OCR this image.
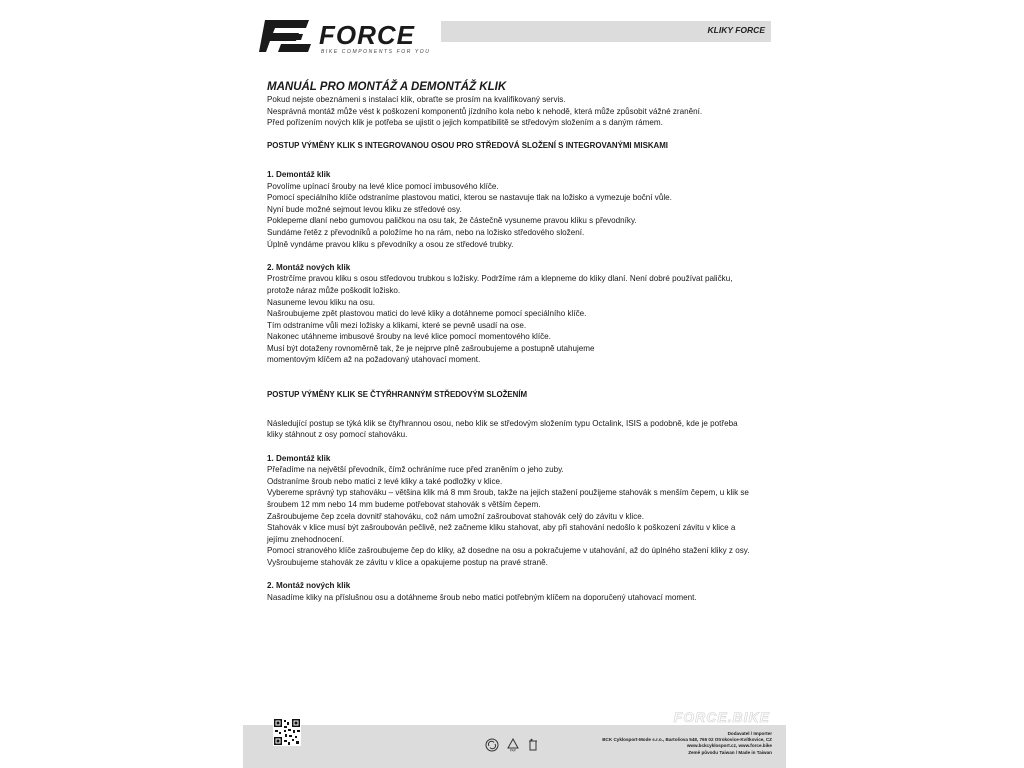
FORCE
BIKE COMPONENTS FOR YOU
KLIKY FORCE

MANUÁL PRO MONTÁŽ A DEMONTÁŽ KLIK

Pokud nejste obeznámeni s instalací klik, obraťte se prosím na kvalifikovaný servis.

Nesprávná montáž může vést k poškození komponentů jízdního kola nebo k nehodě, která může způsobit vážné zranění.

Před pořízením nových klik je potřeba se ujistit o jejich kompatibilitě se středovým složením a s daným rámem.

POSTUP VÝMĚNY KLIK S INTEGROVANOU OSOU PRO STŘEDOVÁ SLOŽENÍ S INTEGROVANÝMI MISKAMI

1. Demontáž klik

Povolíme upínací šrouby na levé klice pomocí imbusového klíče.

Pomocí speciálního klíče odstraníme plastovou matici, kterou se nastavuje tlak na ložisko a vymezuje boční vůle.

Nyní bude možné sejmout levou kliku ze středové osy.

Poklepeme dlaní nebo gumovou paličkou na osu tak, že částečně vysuneme pravou kliku s převodníky.

Sundáme řetěz z převodníků a položíme ho na rám, nebo na ložisko středového složení.

Úplně vyndáme pravou kliku s převodníky a osou ze středové trubky.

2. Montáž nových klik

Prostrčíme pravou kliku s osou středovou trubkou s ložisky. Podržíme rám a klepneme do kliky dlaní. Není dobré používat paličku,

protože náraz může poškodit ložisko.

Nasuneme levou kliku na osu.

Našroubujeme zpět plastovou matici do levé kliky a dotáhneme pomocí speciálního klíče.

Tím odstraníme vůli mezi ložisky a klikami, které se pevně usadí na ose.

Nakonec utáhneme imbusové šrouby na levé klice pomocí momentového klíče.

Musí být dotaženy rovnoměrně tak, že je nejprve plně zašroubujeme a postupně utahujeme

momentovým klíčem až na požadovaný utahovací moment.

POSTUP VÝMĚNY KLIK SE ČTYŘHRANNÝM STŘEDOVÝM SLOŽENÍM

Následující postup se týká klik se čtyřhrannou osou, nebo klik se středovým složením typu Octalink, ISIS a podobně, kde je potřeba

kliky stáhnout z osy pomocí stahováku.

1. Demontáž klik

Přeřadíme na největší převodník, čímž ochráníme ruce před zraněním o jeho zuby.

Odstraníme šroub nebo matici z levé kliky a také podložky v klice.

Vybereme správný typ stahováku – většina klik má 8 mm šroub, takže na jejich stažení použijeme stahovák s menším čepem, u klik se

šroubem 12 mm nebo 14 mm budeme potřebovat stahovák s větším čepem.

Zašroubujeme čep zcela dovnitř stahováku, což nám umožní zašroubovat stahovák celý do závitu v klice.

Stahovák v klice musí být zašroubován pečlivě, než začneme kliku stahovat, aby při stahování nedošlo k poškození závitu v klice a

jejímu znehodnocení.

Pomocí stranového klíče zašroubujeme čep do kliky, až dosedne na osu a pokračujeme v utahování, až do úplného stažení kliky z osy.

Vyšroubujeme stahovák ze závitu v klice a opakujeme postup na pravé straně.

2. Montáž nových klik

Nasadíme kliky na příslušnou osu a dotáhneme šroub nebo matici potřebným klíčem na doporučený utahovací moment.

FORCE.BIKE
PAP
Dodavatel / Importer
BCK Cyklosport-Mode s.r.o., Bartošova 548, 765 02 Otrokovice-Kvítkovice, CZ
www.bckcyklosport.cz, www.force.bike
Země původu Taiwan / Made in Taiwan
